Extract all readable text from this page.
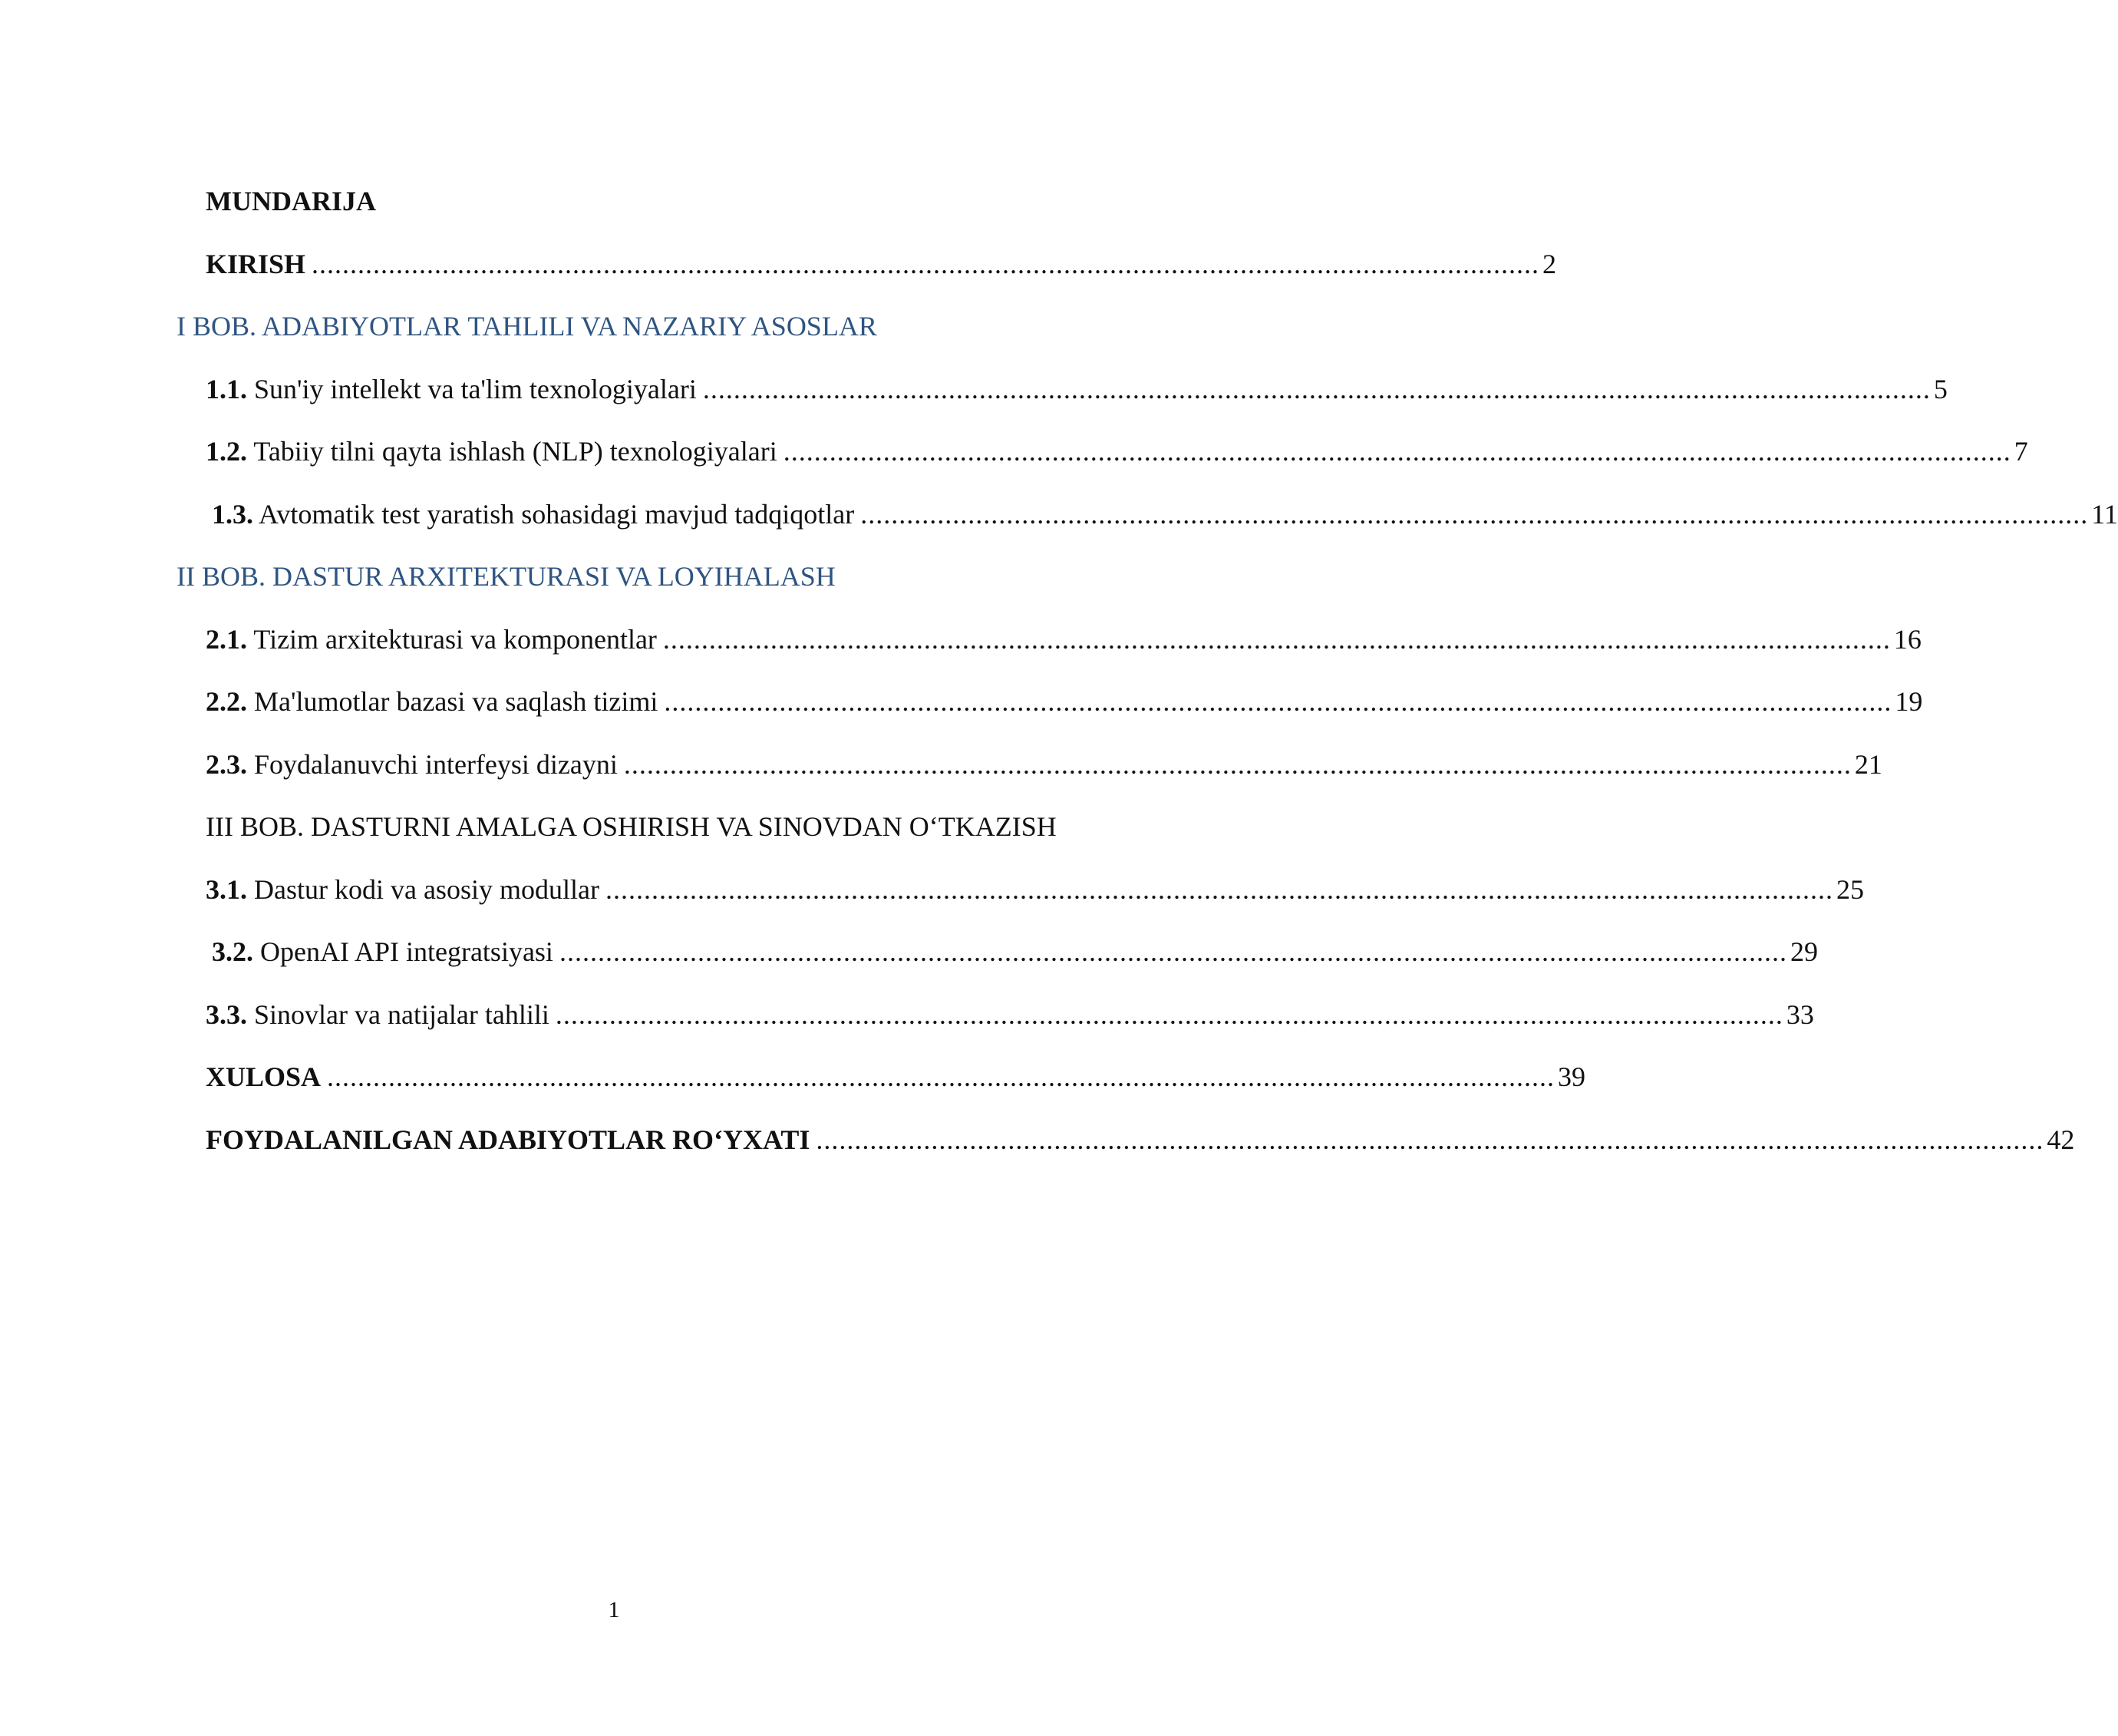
MUNDARIJA
KIRISH ................................................................................................................................................................ 2
I BOB. ADABIYOTLAR TAHLILI VA NAZARIY ASOSLAR
1.1. Sun'iy intellekt va ta'lim texnologiyalari ................................................................................................................................................................ 5
1.2. Tabiiy tilni qayta ishlash (NLP) texnologiyalari ................................................................................................................................................................ 7
1.3. Avtomatik test yaratish sohasidagi mavjud tadqiqotlar ................................................................................................................................................................ 11
II BOB. DASTUR ARXITEKTURASI VA LOYIHALASH
2.1. Tizim arxitekturasi va komponentlar ................................................................................................................................................................ 16
2.2. Ma'lumotlar bazasi va saqlash tizimi ................................................................................................................................................................ 19
2.3. Foydalanuvchi interfeysi dizayni ................................................................................................................................................................ 21
III BOB. DASTURNI AMALGA OSHIRISH VA SINOVDAN O‘TKAZISH
3.1. Dastur kodi va asosiy modullar ................................................................................................................................................................ 25
3.2. OpenAI API integratsiyasi ................................................................................................................................................................ 29
3.3. Sinovlar va natijalar tahlili ................................................................................................................................................................ 33
XULOSA ................................................................................................................................................................ 39
FOYDALANILGAN ADABIYOTLAR RO‘YXATI ................................................................................................................................................................ 42
1
